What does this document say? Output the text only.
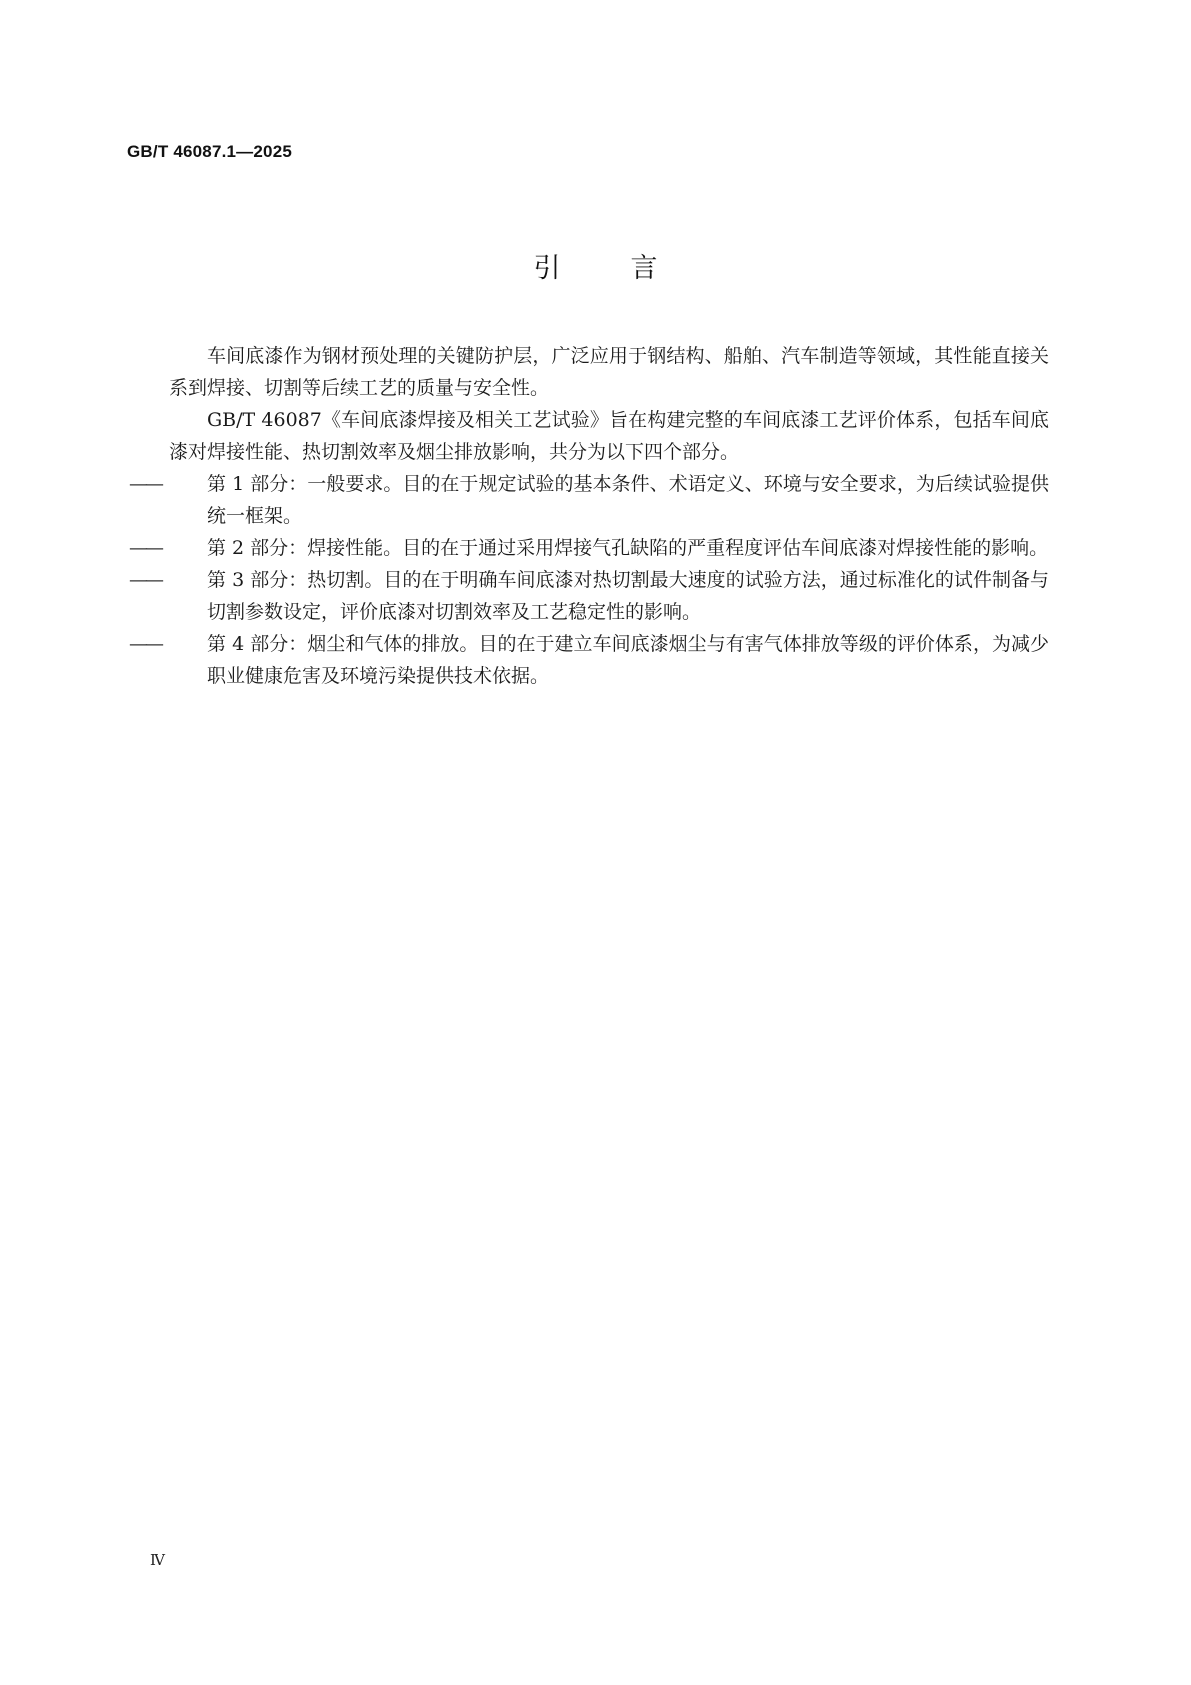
GB/T 46087.1—2025
引言

车间底漆作为钢材预处理的关键防护层，广泛应用于钢结构、船舶、汽车制造等领域，其性能直接关系到焊接、切割等后续工艺的质量与安全性。

GB/T 46087《车间底漆焊接及相关工艺试验》旨在构建完整的车间底漆工艺评价体系，包括车间底漆对焊接性能、热切割效率及烟尘排放影响，共分为以下四个部分。

——	第 1 部分：一般要求。目的在于规定试验的基本条件、术语定义、环境与安全要求，为后续试验提供统一框架。
——	第 2 部分：焊接性能。目的在于通过采用焊接气孔缺陷的严重程度评估车间底漆对焊接性能的影响。
——	第 3 部分：热切割。目的在于明确车间底漆对热切割最大速度的试验方法，通过标准化的试件制备与切割参数设定，评价底漆对切割效率及工艺稳定性的影响。
——	第 4 部分：烟尘和气体的排放。目的在于建立车间底漆烟尘与有害气体排放等级的评价体系，为减少职业健康危害及环境污染提供技术依据。
Ⅳ
